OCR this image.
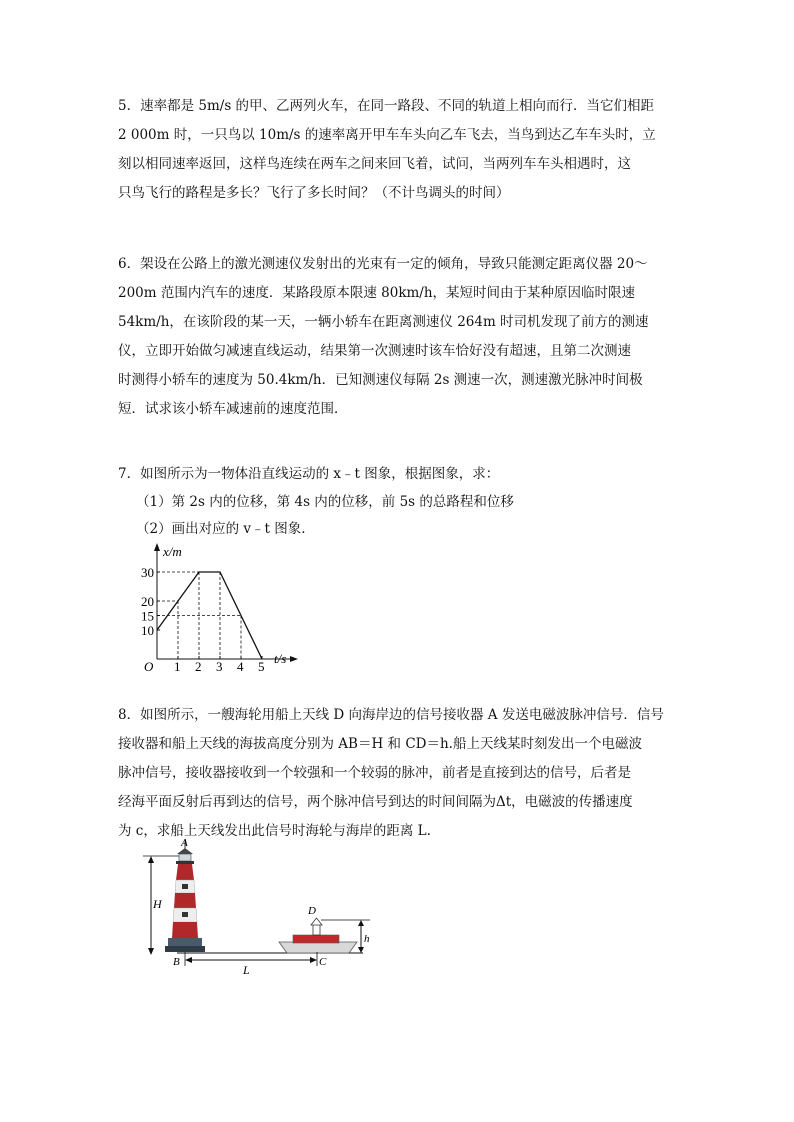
5．速率都是 5m/s 的甲、乙两列火车，在同一路段、不同的轨道上相向而行．当它们相距

2 000m 时，一只鸟以 10m/s 的速率离开甲车车头向乙车飞去，当鸟到达乙车车头时，立

刻以相同速率返回，这样鸟连续在两车之间来回飞着，试问，当两列车车头相遇时，这

只鸟飞行的路程是多长？飞行了多长时间？（不计鸟调头的时间）

6．架设在公路上的激光测速仪发射出的光束有一定的倾角，导致只能测定距离仪器 20～

200m 范围内汽车的速度．某路段原本限速 80km/h，某短时间由于某种原因临时限速

54km/h，在该阶段的某一天，一辆小轿车在距离测速仪 264m 时司机发现了前方的测速

仪，立即开始做匀减速直线运动，结果第一次测速时该车恰好没有超速，且第二次测速

时测得小轿车的速度为 50.4km/h．已知测速仪每隔 2s 测速一次，测速激光脉冲时间极

短．试求该小轿车减速前的速度范围．

7．如图所示为一物体沿直线运动的 x﹣t 图象，根据图象，求：

（1）第 2s 内的位移，第 4s 内的位移，前 5s 的总路程和位移
（2）画出对应的 v﹣t 图象.
x/m
t/s
O 1 2 3 4 5
10
15
20
30

8．如图所示，一艘海轮用船上天线 D 向海岸边的信号接收器 A 发送电磁波脉冲信号．信号

接收器和船上天线的海拔高度分别为 AB＝H 和 CD＝h.船上天线某时刻发出一个电磁波

脉冲信号，接收器接收到一个较强和一个较弱的脉冲，前者是直接到达的信号，后者是

经海平面反射后再到达的信号，两个脉冲信号到达的时间间隔为Δt，电磁波的传播速度

为 c，求船上天线发出此信号时海轮与海岸的距离 L.

H
A
D
h
B	C
L
